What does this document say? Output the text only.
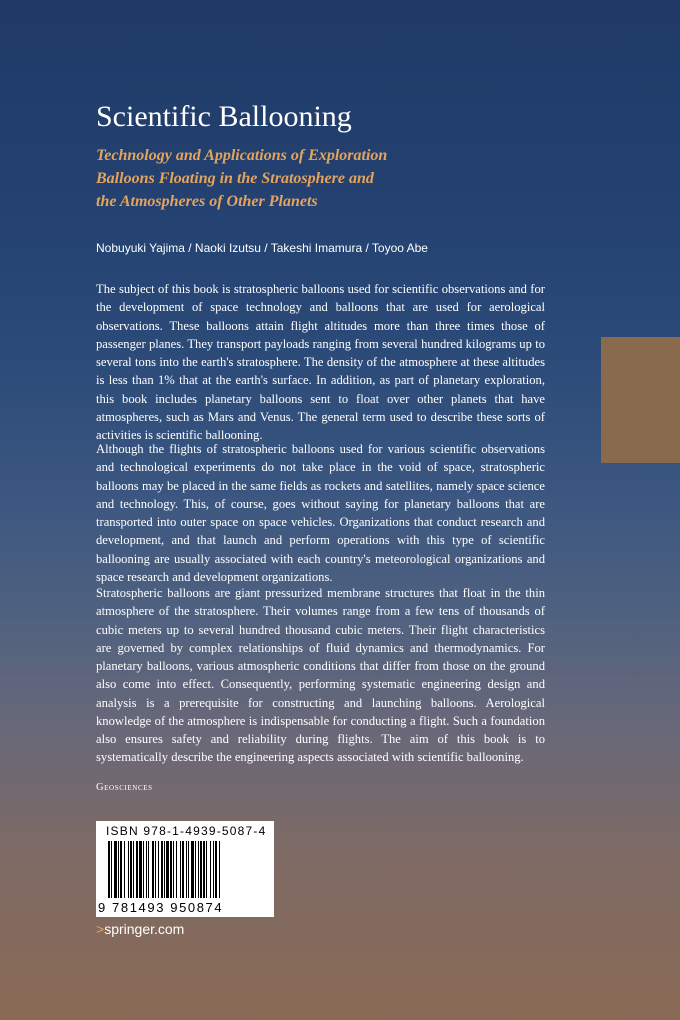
Scientific Ballooning
Technology and Applications of Exploration Balloons Floating in the Stratosphere and the Atmospheres of Other Planets
Nobuyuki Yajima / Naoki Izutsu / Takeshi Imamura / Toyoo Abe

The subject of this book is stratospheric balloons used for scientific observations and for the development of space technology and balloons that are used for aerological observations. These balloons attain flight altitudes more than three times those of passenger planes. They transport payloads ranging from several hundred kilograms up to several tons into the earth's stratosphere. The density of the atmosphere at these altitudes is less than 1% that at the earth's surface. In addition, as part of planetary exploration, this book includes planetary balloons sent to float over other planets that have atmospheres, such as Mars and Venus. The general term used to describe these sorts of activities is scientific ballooning.

Although the flights of stratospheric balloons used for various scientific observations and technological experiments do not take place in the void of space, stratospheric balloons may be placed in the same fields as rockets and satellites, namely space science and technology. This, of course, goes without saying for planetary balloons that are transported into outer space on space vehicles. Organizations that conduct research and development, and that launch and perform operations with this type of scientific ballooning are usually associated with each country's meteorological organizations and space research and development organizations.

Stratospheric balloons are giant pressurized membrane structures that float in the thin atmosphere of the stratosphere. Their volumes range from a few tens of thousands of cubic meters up to several hundred thousand cubic meters. Their flight characteristics are governed by complex relationships of fluid dynamics and thermodynamics. For planetary balloons, various atmospheric conditions that differ from those on the ground also come into effect. Consequently, performing systematic engineering design and analysis is a prerequisite for constructing and launching balloons. Aerological knowledge of the atmosphere is indispensable for conducting a flight. Such a foundation also ensures safety and reliability during flights. The aim of this book is to systematically describe the engineering aspects associated with scientific ballooning.

Geosciences
ISBN 978-1-4939-5087-4
9 781493 950874
>springer.com
